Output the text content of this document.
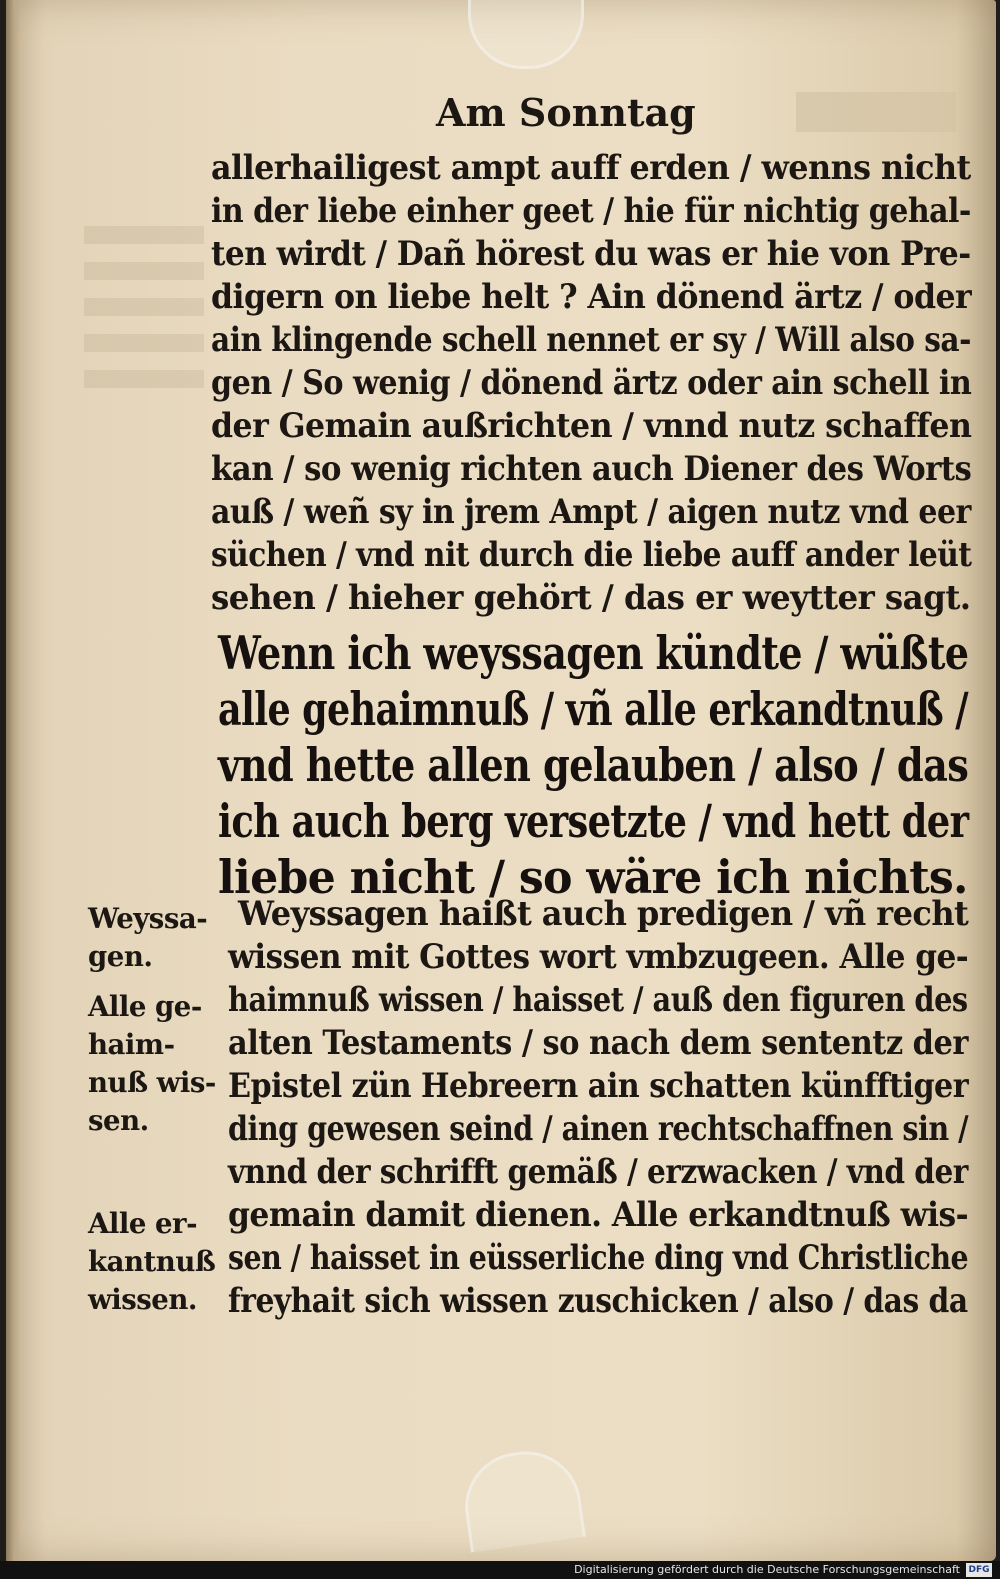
Am Sonntag
allerhailigest ampt auff erden / wenns nicht
in der liebe einher geet / hie für nichtig gehal-
ten wirdt / Dañ hörest du was er hie von Pre-
digern on liebe helt ? Ain dönend ärtz / oder
ain klingende schell nennet er sy / Will also sa-
gen / So wenig / dönend ärtz oder ain schell in
der Gemain außrichten / vnnd nutz schaffen
kan / so wenig richten auch Diener des Worts
auß / weñ sy in jrem Ampt / aigen nutz vnd eer
süchen / vnd nit durch die liebe auff ander leüt
sehen / hieher gehört / das er weytter sagt.
Wenn ich weyssagen kündte / wüßte
alle gehaimnuß / vñ alle erkandtnuß /
vnd hette allen gelauben / also / das
ich auch berg versetzte / vnd hett der
liebe nicht / so wäre ich nichts.
Weyssagen haißt auch predigen / vñ recht
wissen mit Gottes wort vmbzugeen. Alle ge-
haimnuß wissen / haisset / auß den figuren des
alten Testaments / so nach dem sententz der
Epistel zün Hebreern ain schatten künfftiger
ding gewesen seind / ainen rechtschaffnen sin /
vnnd der schrifft gemäß / erzwacken / vnd der
gemain damit dienen. Alle erkandtnuß wis-
sen / haisset in eüsserliche ding vnd Christliche
freyhait sich wissen zuschicken / also / das da
Weyssa-
gen.
Alle ge-
haim-
nuß wis-
sen.
Alle er-
kantnuß
wissen.
Digitalisierung gefördert durch die Deutsche Forschungsgemeinschaft DFG
